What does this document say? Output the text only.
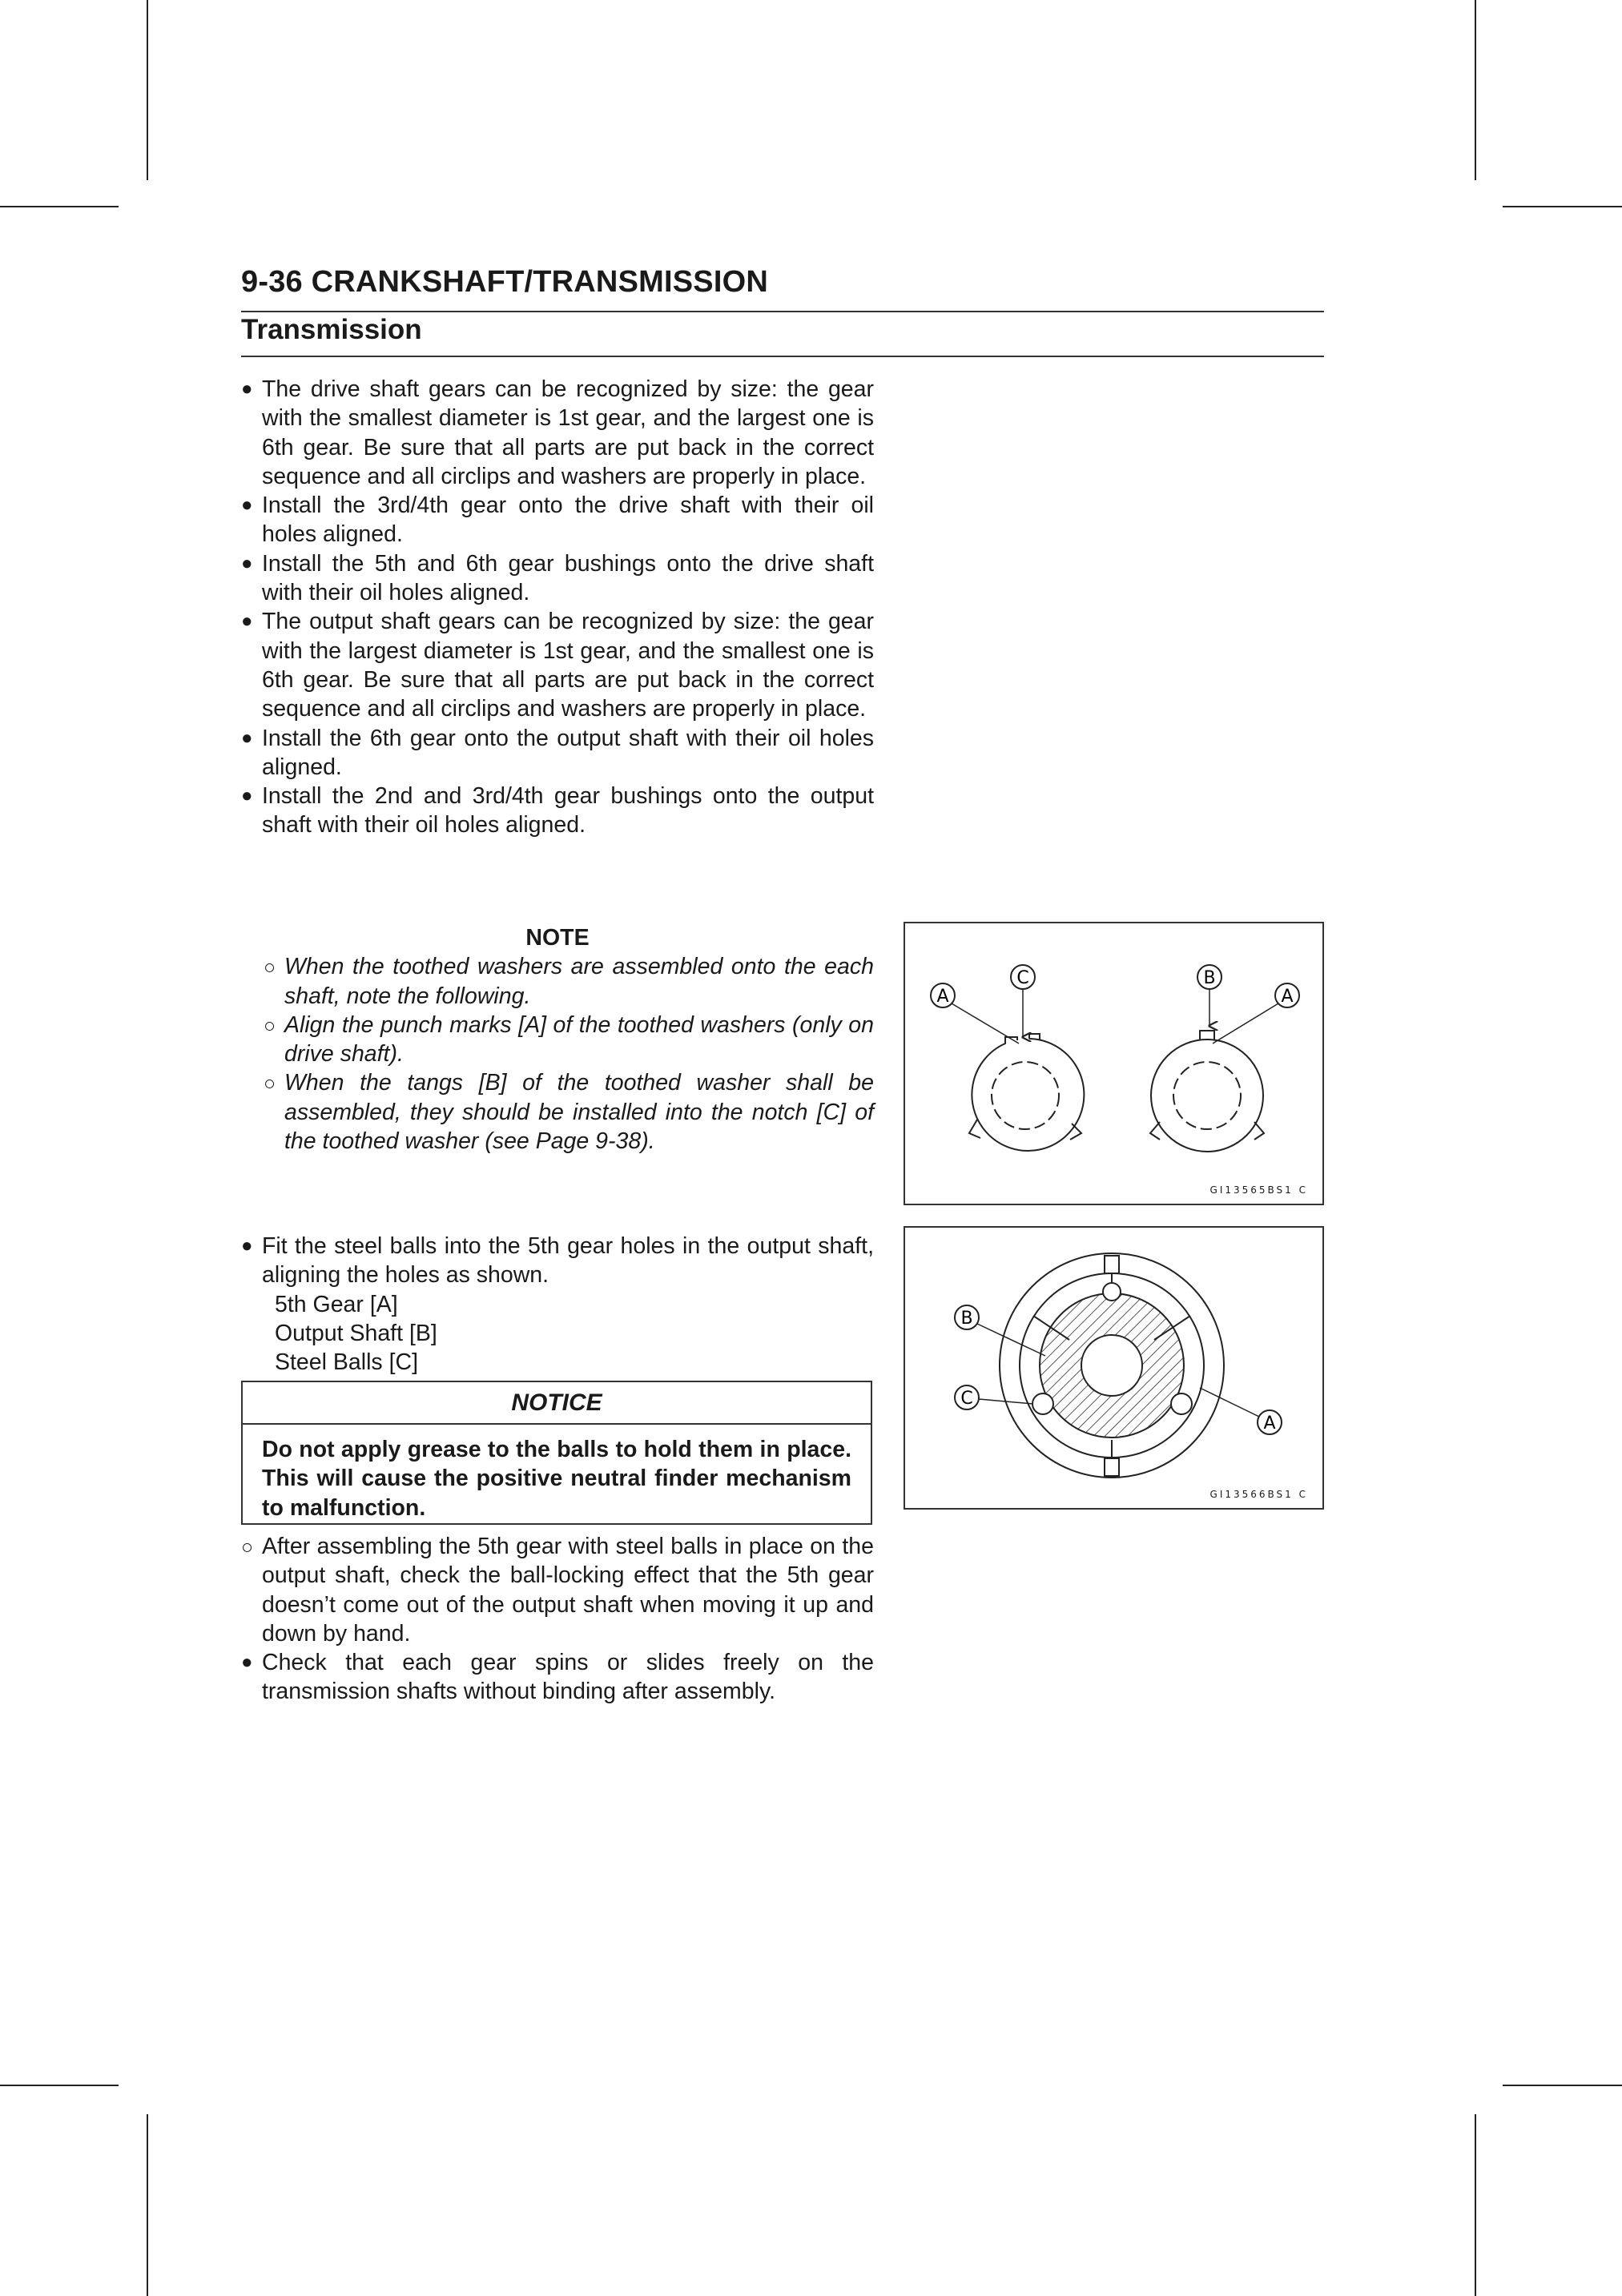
9-36 CRANKSHAFT/TRANSMISSION
Transmission
● The drive shaft gears can be recognized by size: the gear with the smallest diameter is 1st gear, and the largest one is 6th gear. Be sure that all parts are put back in the correct sequence and all circlips and washers are properly in place.
● Install the 3rd/4th gear onto the drive shaft with their oil holes aligned.
● Install the 5th and 6th gear bushings onto the drive shaft with their oil holes aligned.
● The output shaft gears can be recognized by size: the gear with the largest diameter is 1st gear, and the smallest one is 6th gear. Be sure that all parts are put back in the correct sequence and all circlips and washers are properly in place.
● Install the 6th gear onto the output shaft with their oil holes aligned.
● Install the 2nd and 3rd/4th gear bushings onto the output shaft with their oil holes aligned.

NOTE

○ When the toothed washers are assembled onto the each shaft, note the following.
○ Align the punch marks [A] of the toothed washers (only on drive shaft).
○ When the tangs [B] of the toothed washer shall be assembled, they should be installed into the notch [C] of the toothed washer (see Page 9-38).
● Fit the steel balls into the 5th gear holes in the output shaft, aligning the holes as shown.
5th Gear [A]
Output Shaft [B]
Steel Balls [C]
NOTICE
Do not apply grease to the balls to hold them in place. This will cause the positive neutral finder mechanism to malfunction.
○ After assembling the 5th gear with steel balls in place on the output shaft, check the ball-locking effect that the 5th gear doesn’t come out of the output shaft when moving it up and down by hand.
● Check that each gear spins or slides freely on the transmission shafts without binding after assembly.
A
C	B
A
GI13565BS1 C
B
C
A
GI13566BS1 C
